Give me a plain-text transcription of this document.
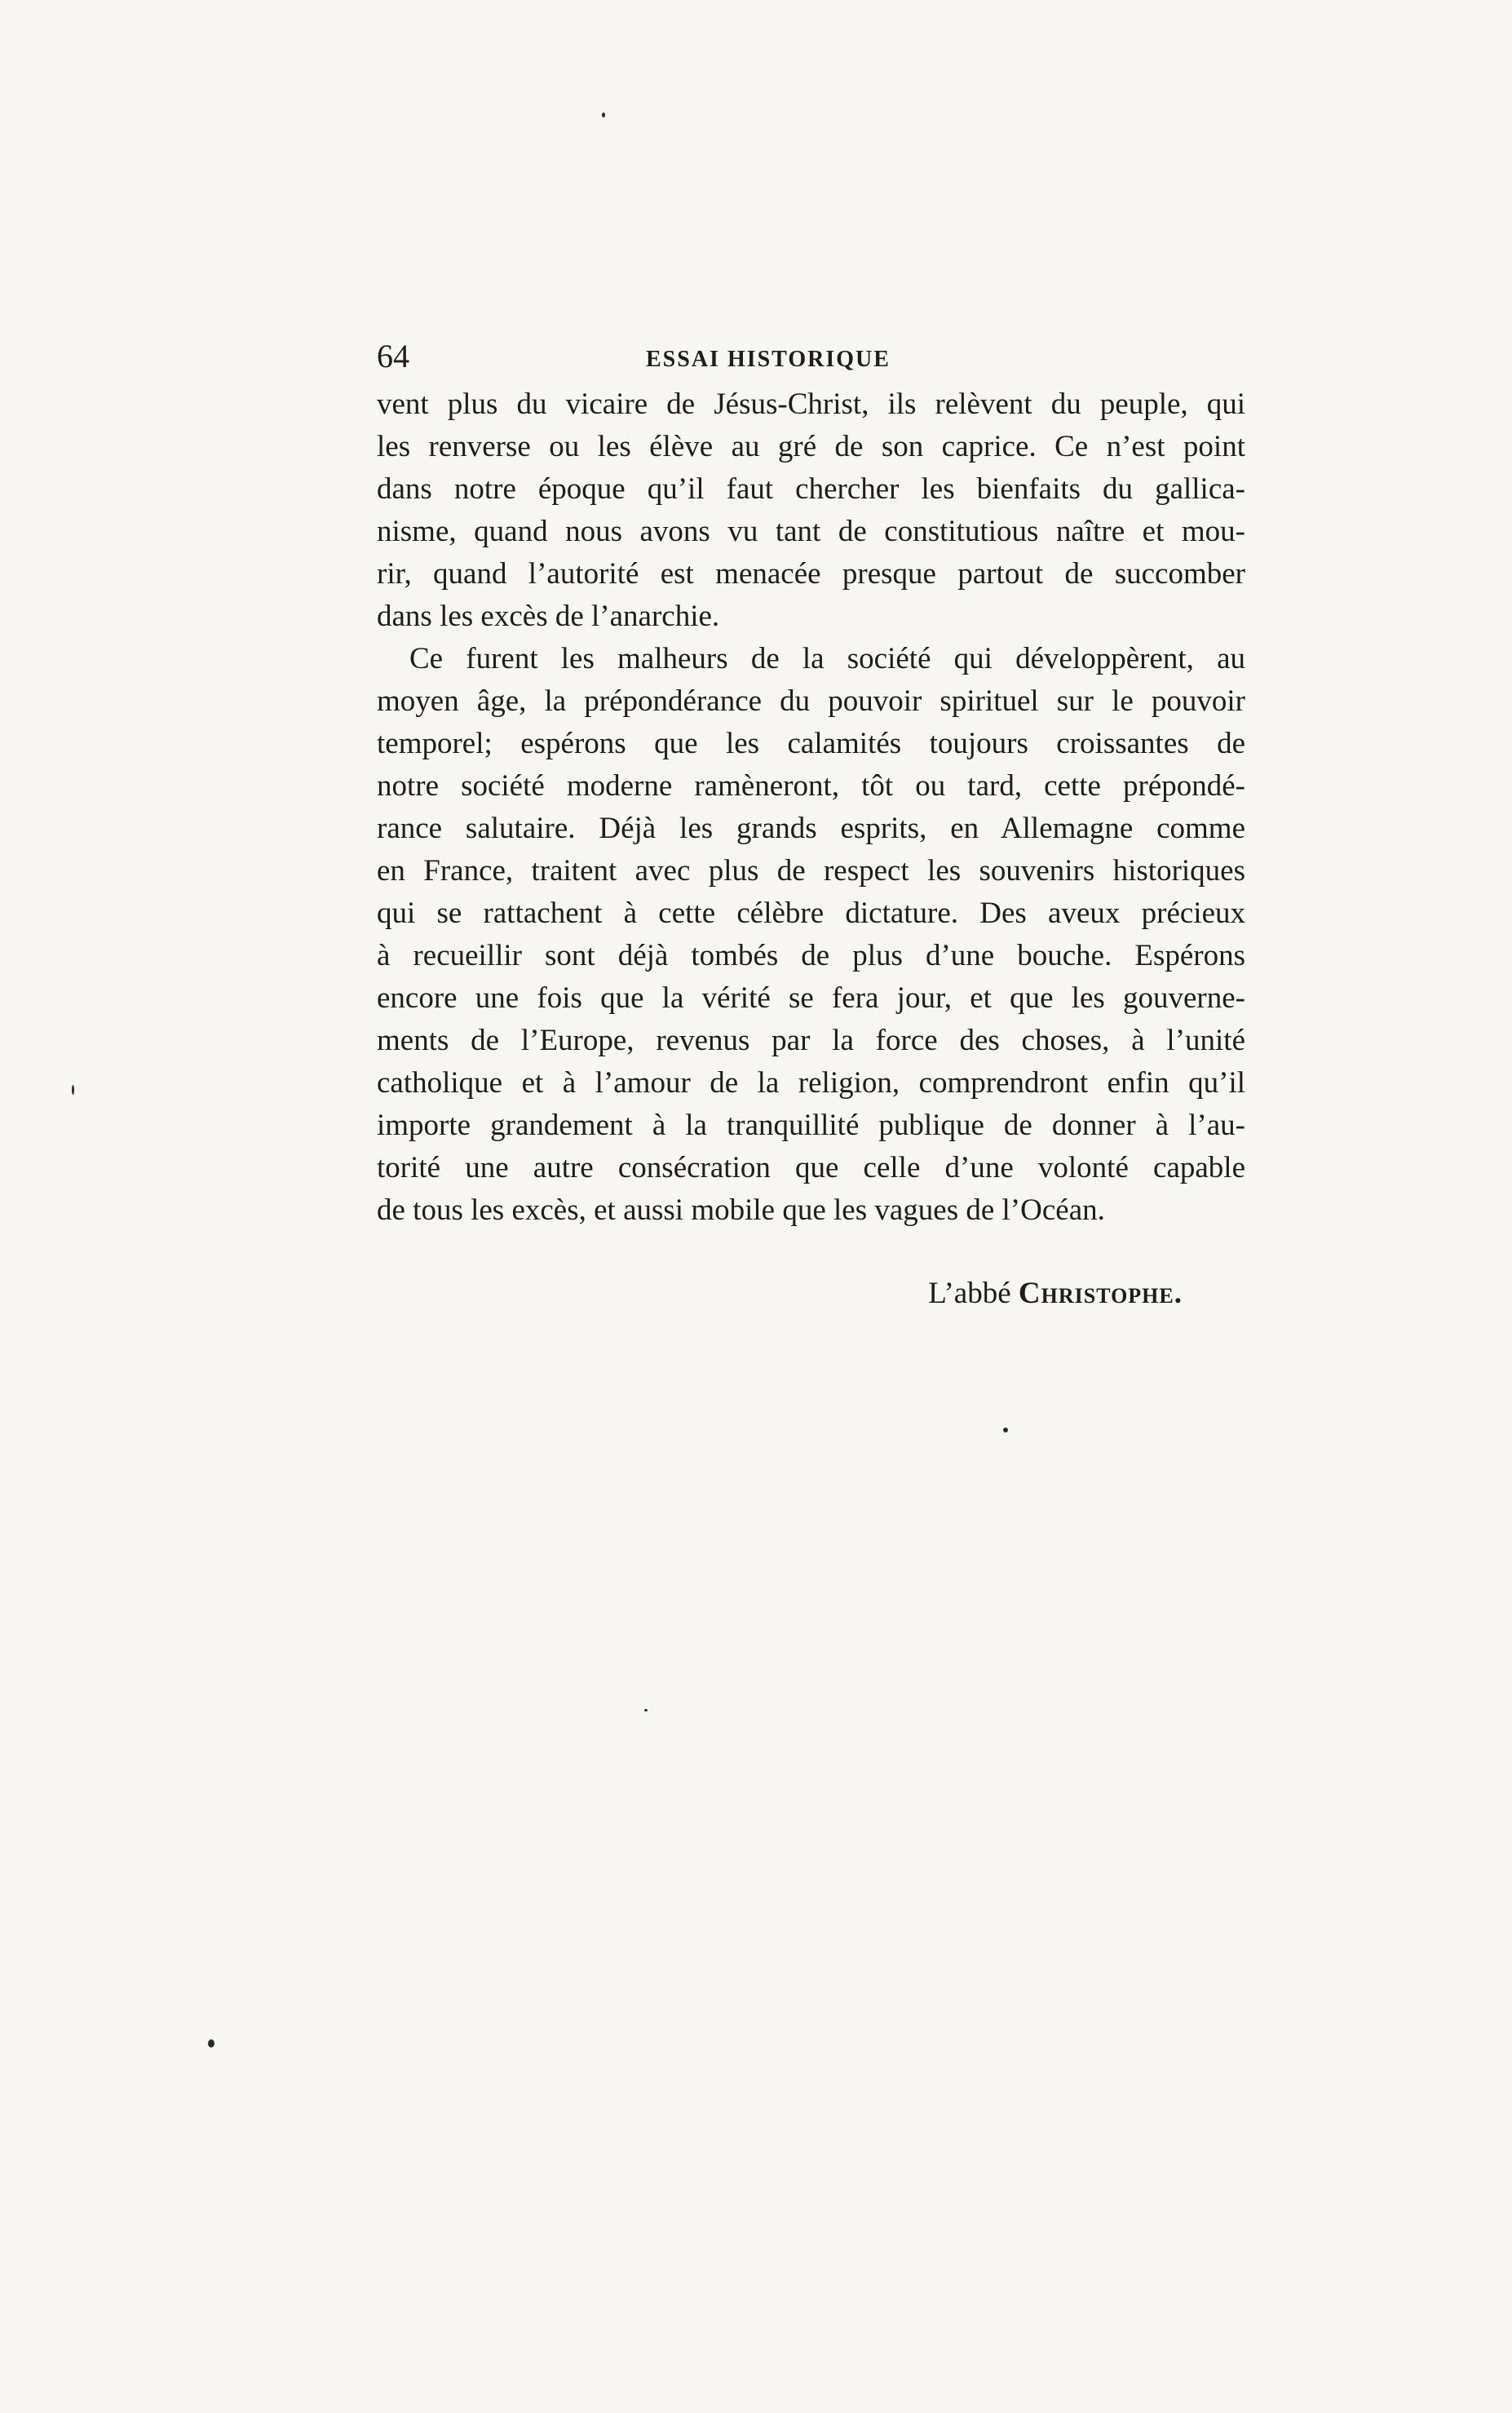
64	ESSAI HISTORIQUE
vent plus du vicaire de Jésus-Christ, ils relèvent du peuple, qui
les renverse ou les élève au gré de son caprice. Ce n’est point
dans notre époque qu’il faut chercher les bienfaits du gallica-
nisme, quand nous avons vu tant de constitutious naître et mou-
rir, quand l’autorité est menacée presque partout de succomber
dans les excès de l’anarchie.
Ce furent les malheurs de la société qui développèrent, au
moyen âge, la prépondérance du pouvoir spirituel sur le pouvoir
temporel; espérons que les calamités toujours croissantes de
notre société moderne ramèneront, tôt ou tard, cette prépondé-
rance salutaire. Déjà les grands esprits, en Allemagne comme
en France, traitent avec plus de respect les souvenirs historiques
qui se rattachent à cette célèbre dictature. Des aveux précieux
à recueillir sont déjà tombés de plus d’une bouche. Espérons
encore une fois que la vérité se fera jour, et que les gouverne-
ments de l’Europe, revenus par la force des choses, à l’unité
catholique et à l’amour de la religion, comprendront enfin qu’il
importe grandement à la tranquillité publique de donner à l’au-
torité une autre consécration que celle d’une volonté capable
de tous les excès, et aussi mobile que les vagues de l’Océan.
L’abbé Christophe.
